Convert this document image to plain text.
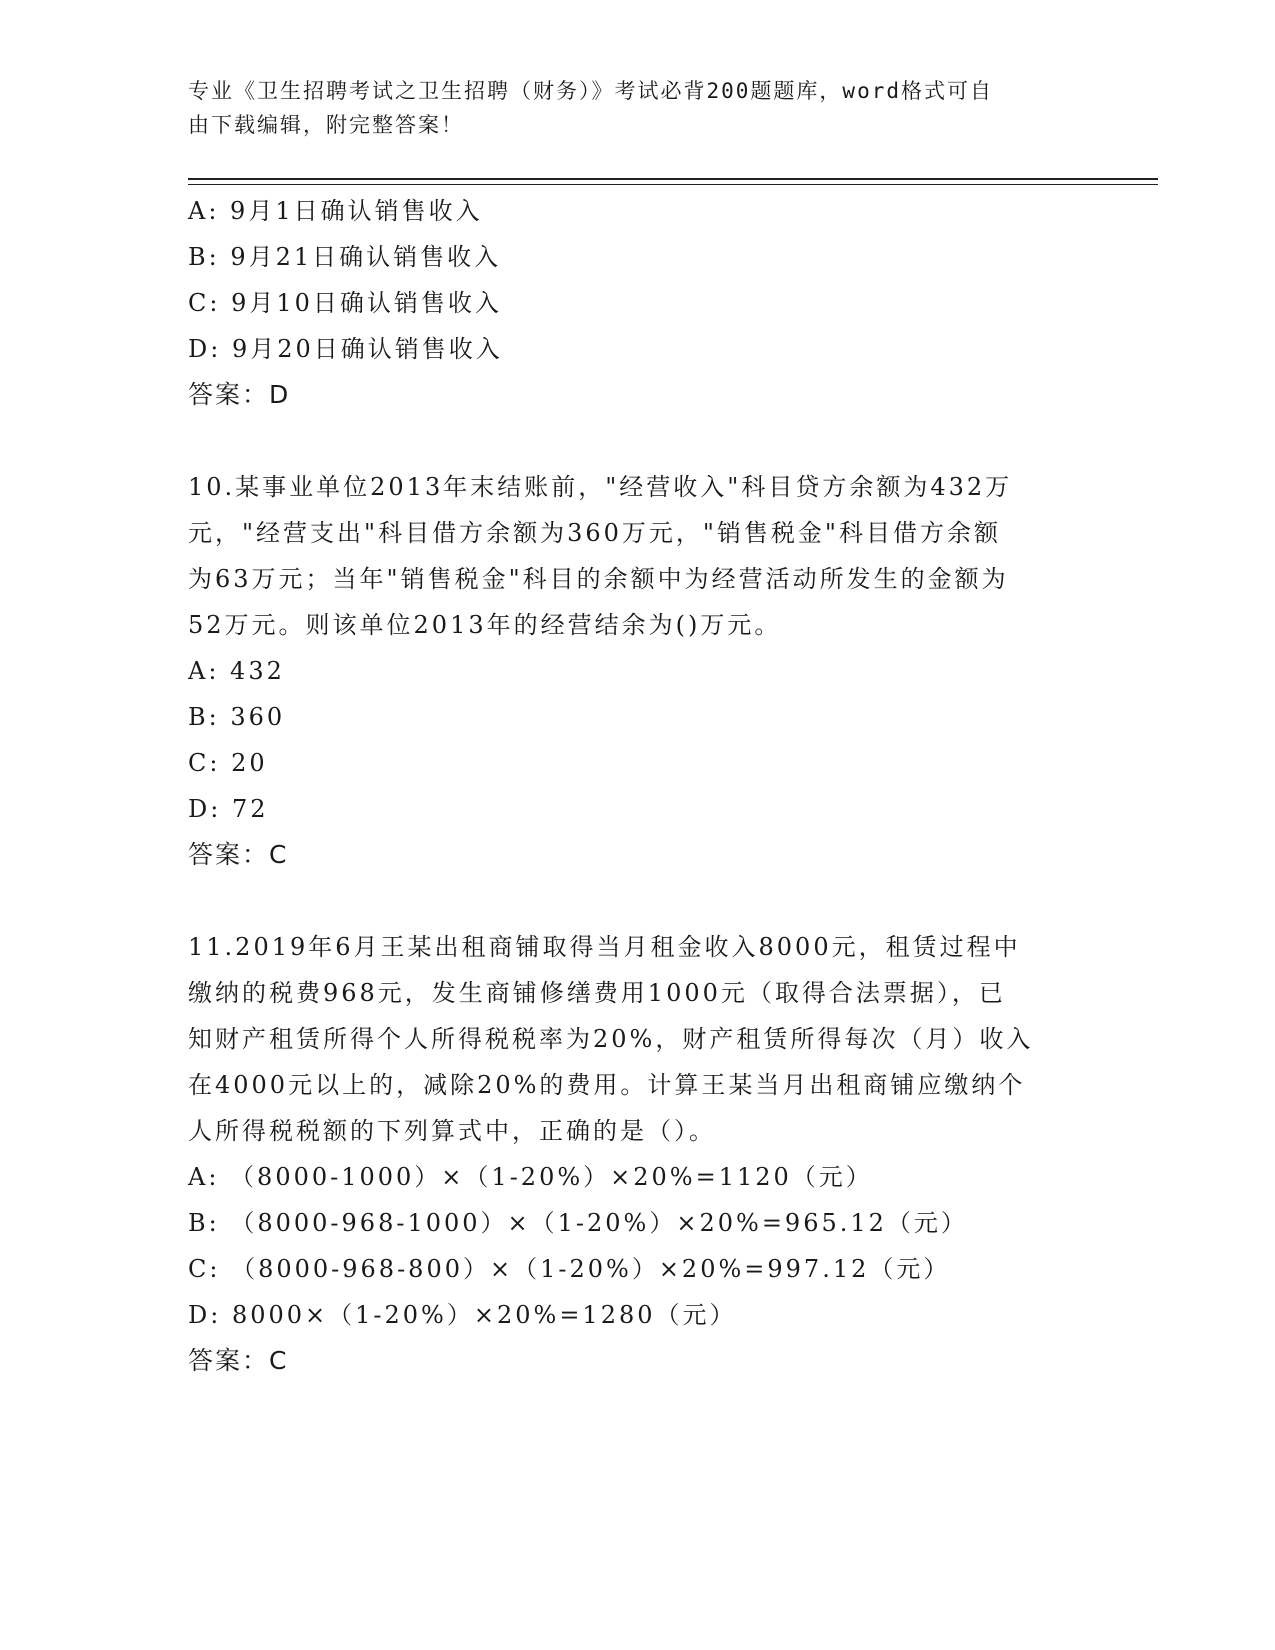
专业《卫生招聘考试之卫生招聘（财务）》考试必背200题题库，word格式可自
由下载编辑，附完整答案！
A: 9月1日确认销售收入
B: 9月21日确认销售收入
C: 9月10日确认销售收入
D: 9月20日确认销售收入
答案：D
10.某事业单位2013年末结账前，"经营收入"科目贷方余额为432万
元，"经营支出"科目借方余额为360万元，"销售税金"科目借方余额
为63万元；当年"销售税金"科目的余额中为经营活动所发生的金额为
52万元。则该单位2013年的经营结余为()万元。
A: 432
B: 360
C: 20
D: 72
答案：C
11.2019年6月王某出租商铺取得当月租金收入8000元，租赁过程中
缴纳的税费968元，发生商铺修缮费用1000元（取得合法票据），已
知财产租赁所得个人所得税税率为20%，财产租赁所得每次（月）收入
在4000元以上的，减除20%的费用。计算王某当月出租商铺应缴纳个
人所得税税额的下列算式中，正确的是（）。
A: （8000-1000）×（1-20%）×20%=1120（元）
B: （8000-968-1000）×（1-20%）×20%=965.12（元）
C: （8000-968-800）×（1-20%）×20%=997.12（元）
D: 8000×（1-20%）×20%=1280（元）
答案：C
